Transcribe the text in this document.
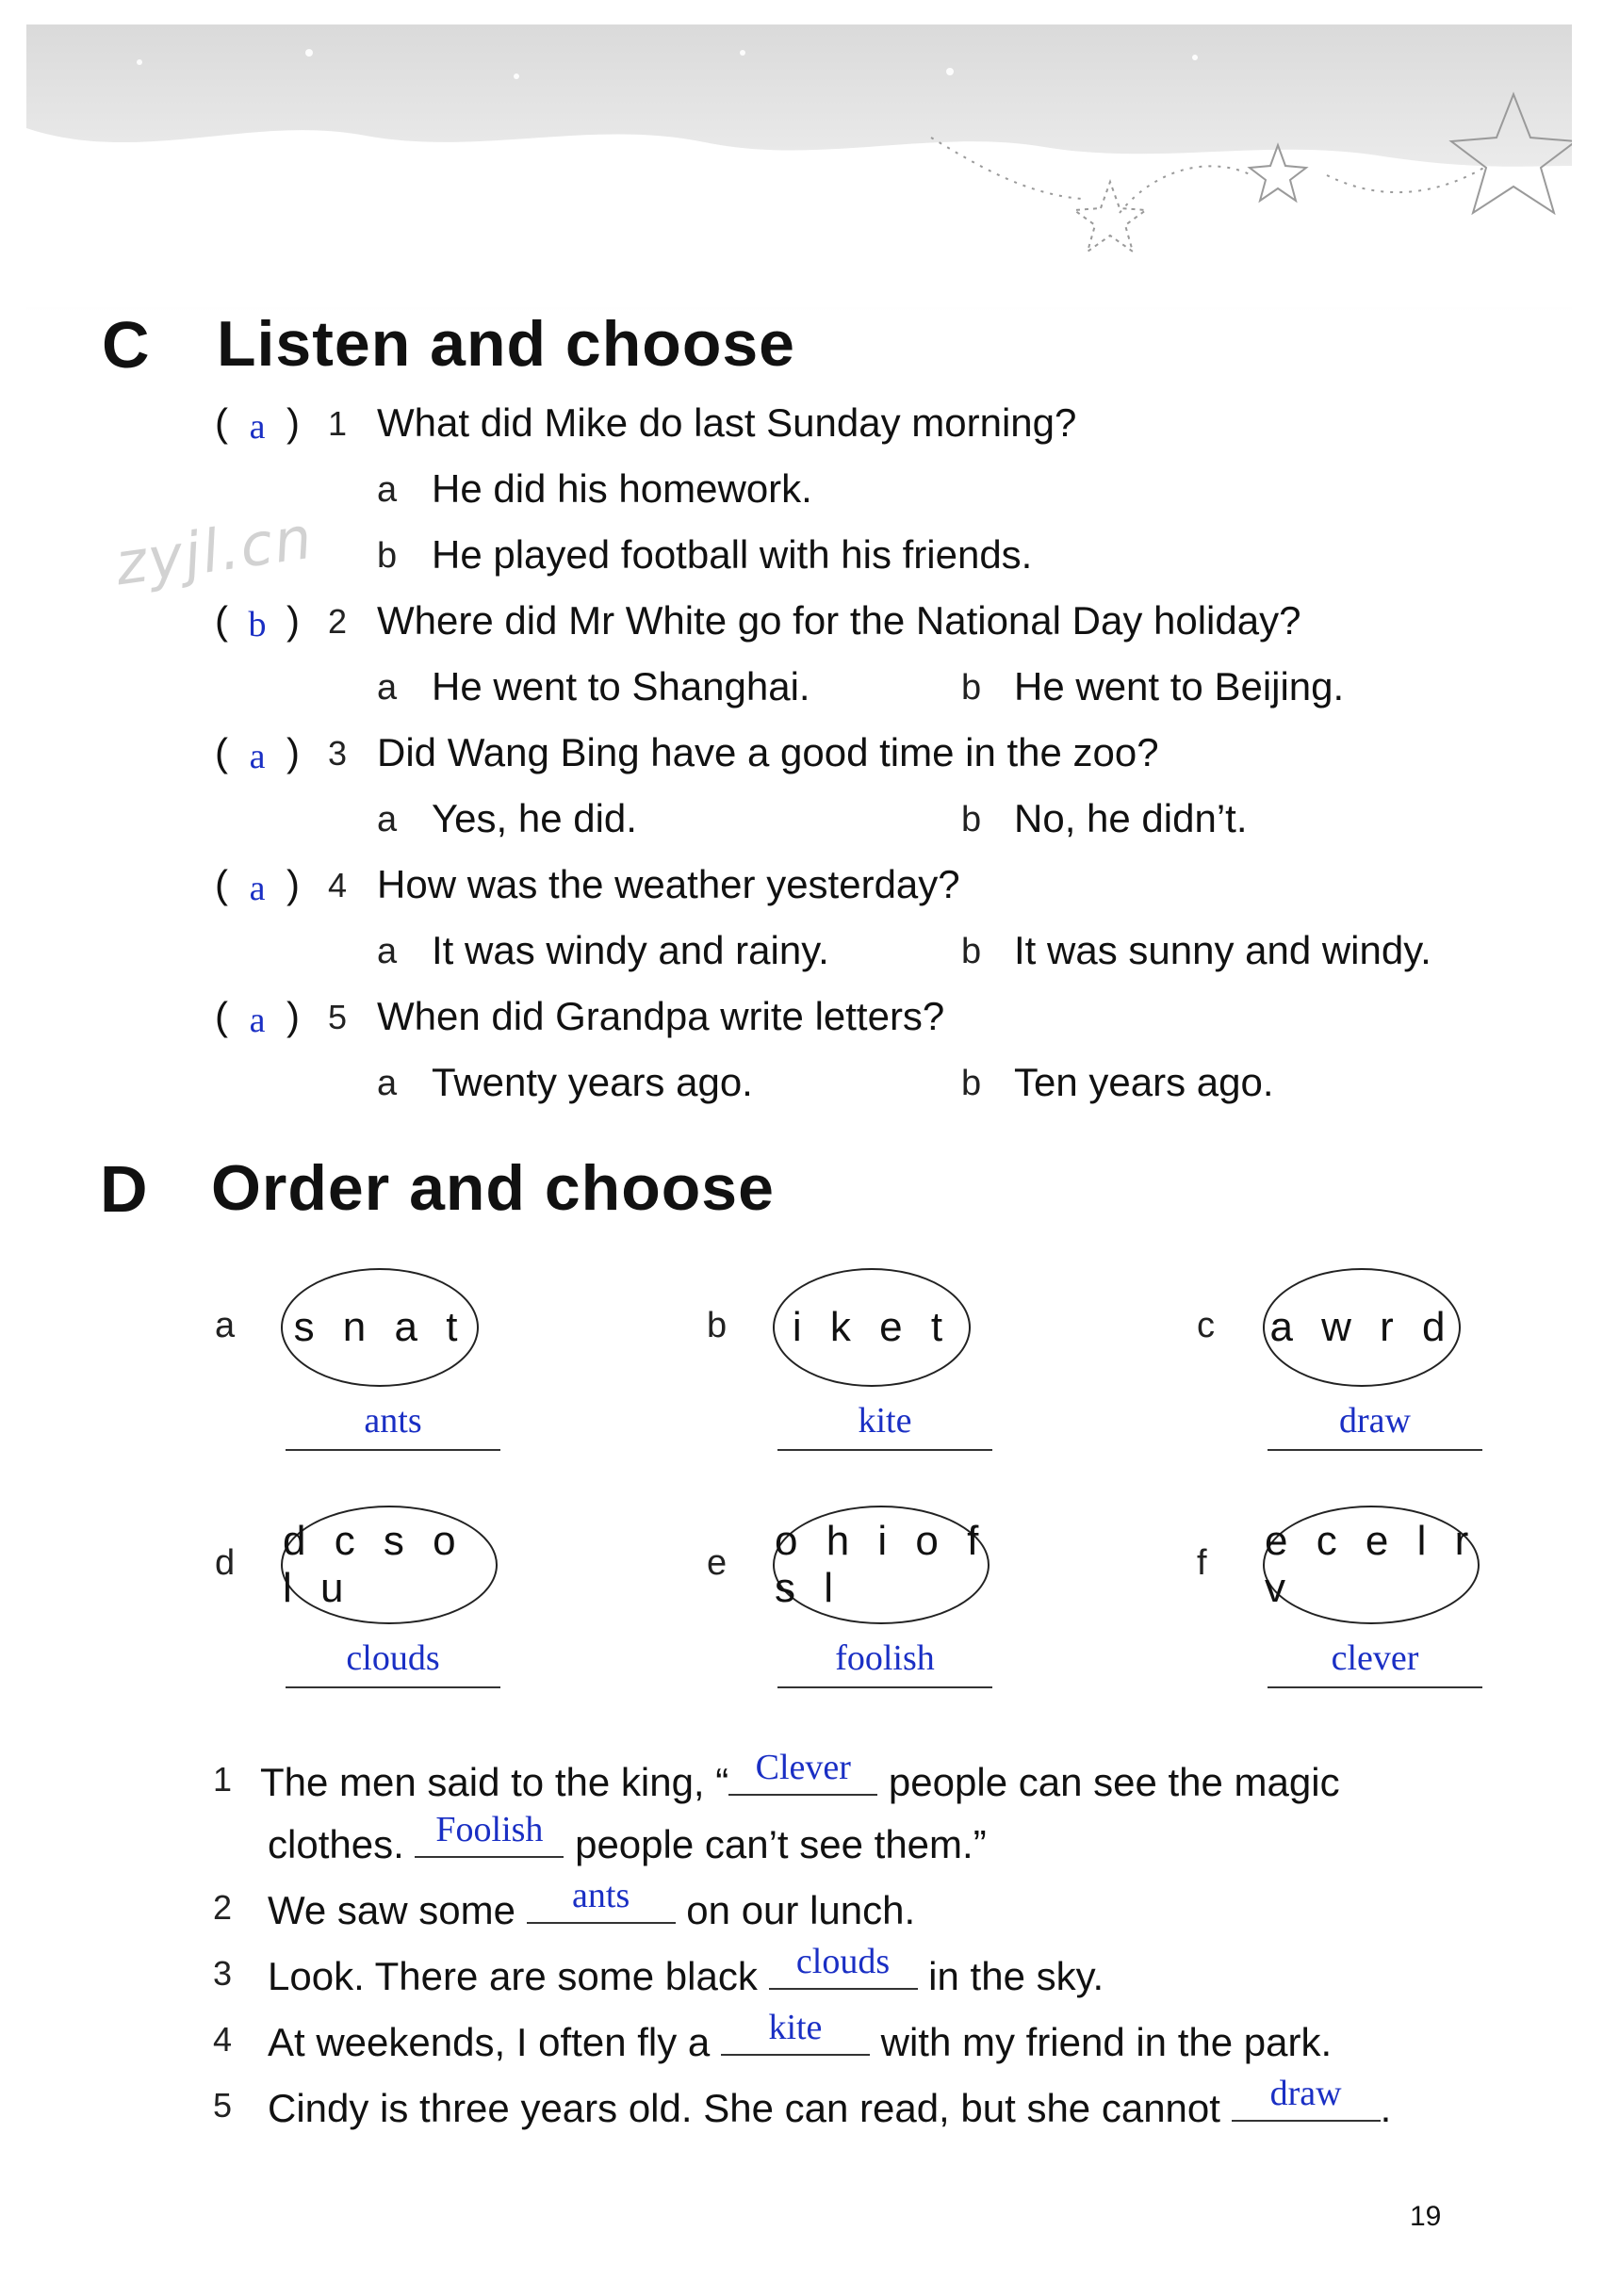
zyjl.cn
C Listen and choose
( a ) 1 What did Mike do last Sunday morning?
a He did his homework.
b He played football with his friends.
( b ) 2 Where did Mr White go for the National Day holiday?
a He went to Shanghai.	b He went to Beijing.
( a ) 3 Did Wang Bing have a good time in the zoo?
a Yes, he did.	b No, he didn’t.
( a ) 4 How was the weather yesterday?
a It was windy and rainy.	b It was sunny and windy.
( a ) 5 When did Grandpa write letters?
a Twenty years ago.	b Ten years ago.
D Order and choose
a s n a t
ants
b i k e t
kite
c a w r d
draw
d d c s o l u
clouds
e o h i o f s l
foolish
f e c e l r v
clever
1 The men said to the king, “ Clever people can see the magic
clothes. Foolish people can’t see them.”
2 We saw some	ants	on our lunch.
3 Look. There are some black clouds in the sky.
4 At weekends, I often fly a	kite	with my friend in the park.
5 Cindy is three years old. She can read, but she cannot	draw .
19
